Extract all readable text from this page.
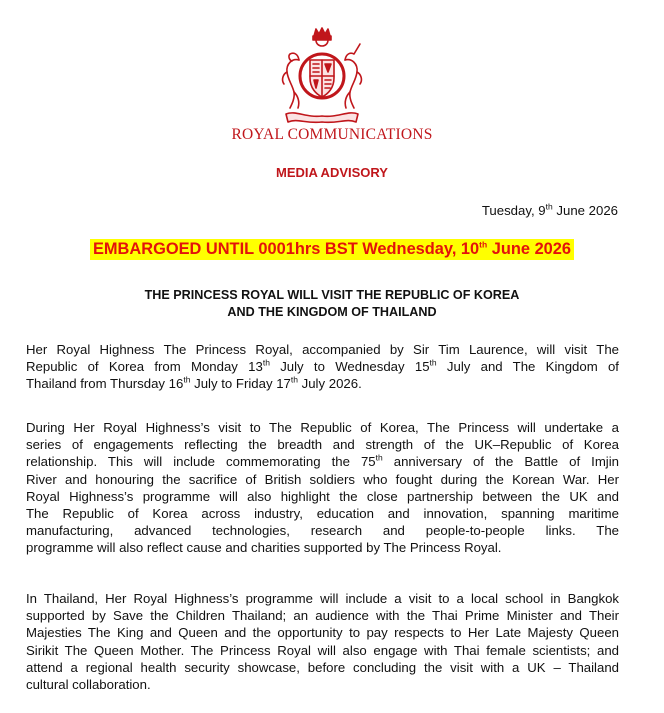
ROYAL COMMUNICATIONS
MEDIA ADVISORY
Tuesday, 9th June 2026
EMBARGOED UNTIL 0001hrs BST Wednesday, 10th June 2026
THE PRINCESS ROYAL WILL VISIT THE REPUBLIC OF KOREA
AND THE KINGDOM OF THAILAND
Her Royal Highness The Princess Royal, accompanied by Sir Tim Laurence, will visit The
Republic of Korea from Monday 13th July to Wednesday 15th July and The Kingdom of
Thailand from Thursday 16th July to Friday 17th July 2026.
During Her Royal Highness’s visit to The Republic of Korea, The Princess will undertake a
series of engagements reflecting the breadth and strength of the UK–Republic of Korea
relationship. This will include commemorating the 75th anniversary of the Battle of Imjin
River and honouring the sacrifice of British soldiers who fought during the Korean War. Her
Royal Highness’s programme will also highlight the close partnership between the UK and
The Republic of Korea across industry, education and innovation, spanning maritime
manufacturing, advanced technologies, research and people-to-people links. The
programme will also reflect cause and charities supported by The Princess Royal.
In Thailand, Her Royal Highness’s programme will include a visit to a local school in Bangkok
supported by Save the Children Thailand; an audience with the Thai Prime Minister and Their
Majesties The King and Queen and the opportunity to pay respects to Her Late Majesty Queen
Sirikit The Queen Mother. The Princess Royal will also engage with Thai female scientists; and
attend a regional health security showcase, before concluding the visit with a UK – Thailand
cultural collaboration.
